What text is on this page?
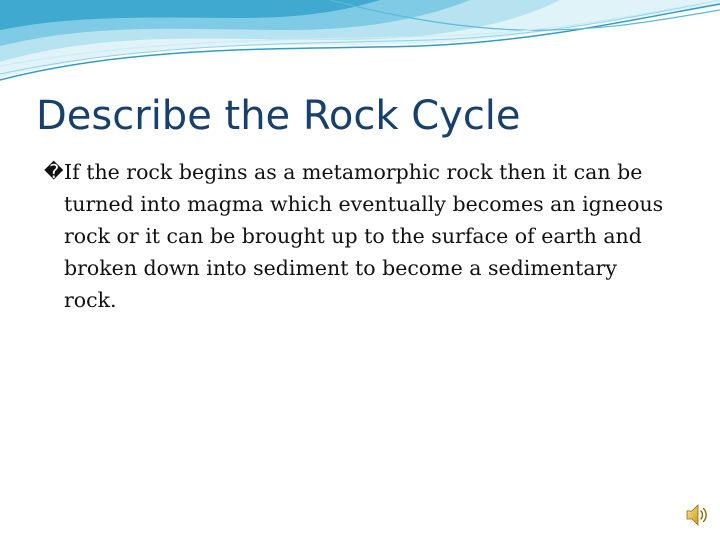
Describe the Rock Cycle

� If the rock begins as a metamorphic rock then it can be turned into magma which eventually becomes an igneous rock or it can be brought up to the surface of earth and broken down into sediment to become a sedimentary rock.
